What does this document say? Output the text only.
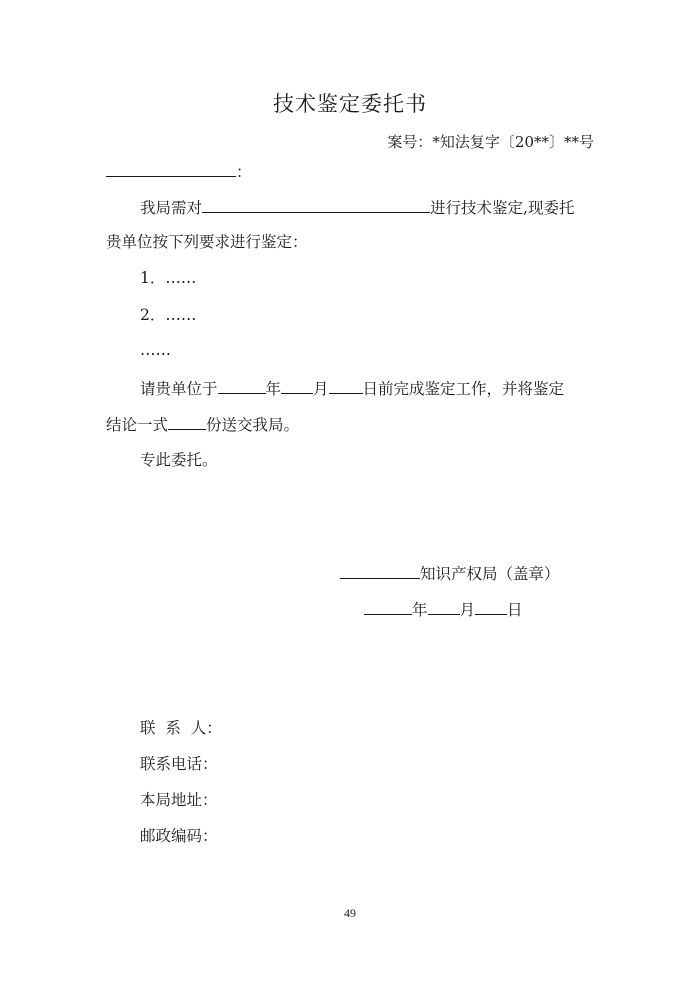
技术鉴定委托书
案号：*知法复字〔20**〕**号
：
我局需对	进行技术鉴定,现委托
贵单位按下列要求进行鉴定：
1．……
2．……
……
请贵单位于	年 月 日前完成鉴定工作，并将鉴定
结论一式 份送交我局。
专此委托。
知识产权局（盖章）
年 月 日
联  系  人：
联系电话：
本局地址：
邮政编码：
49
